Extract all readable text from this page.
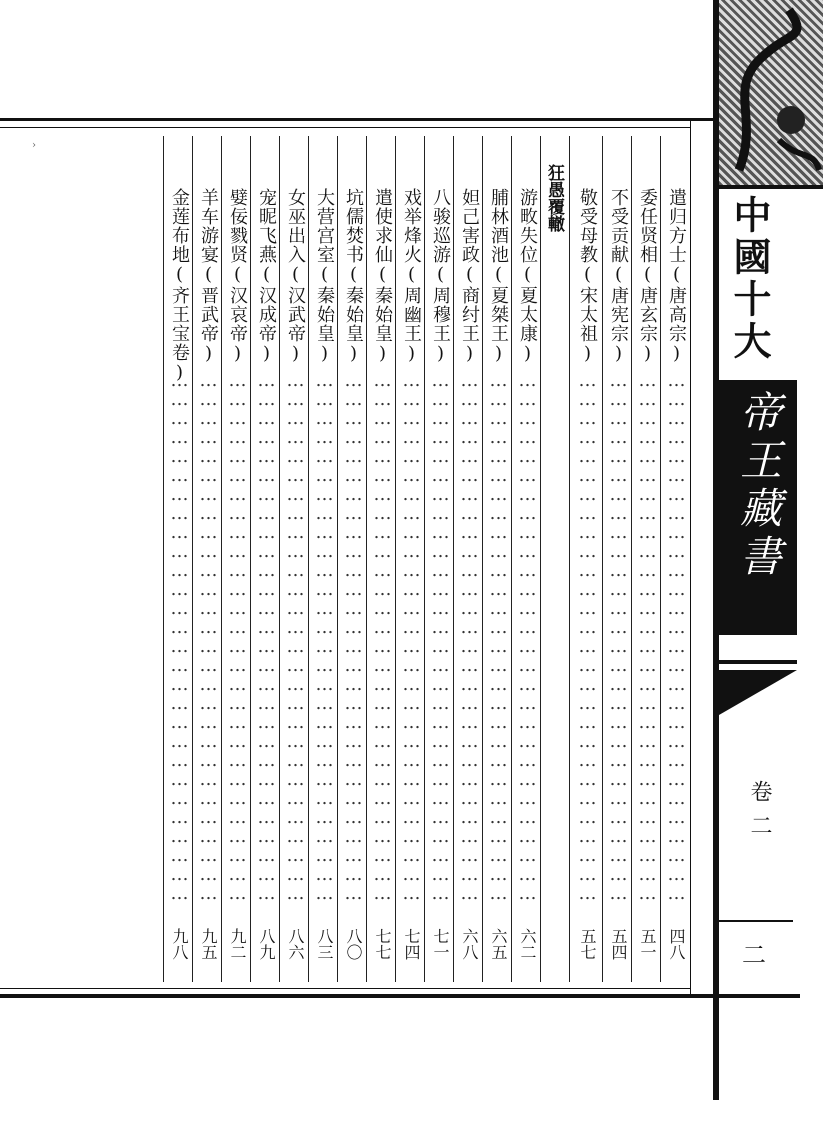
›
狂愚覆轍	遣归方士(唐高宗)
…………………………………………………………………………
四八
委任贤相(唐玄宗)
…………………………………………………………………………
五一
不受贡献(唐宪宗)
…………………………………………………………………………
五四
敬受母教(宋太祖)
…………………………………………………………………………
五七
游畋失位(夏太康)
…………………………………………………………………………
六二
脯林酒池(夏桀王)
…………………………………………………………………………
六五
妲己害政(商纣王)
…………………………………………………………………………
六八
八骏巡游(周穆王)
…………………………………………………………………………
七一
戏举烽火(周幽王)
…………………………………………………………………………
七四
遣使求仙(秦始皇)
…………………………………………………………………………
七七
坑儒焚书(秦始皇)
…………………………………………………………………………
八〇
大营宫室(秦始皇)
…………………………………………………………………………
八三
女巫出入(汉武帝)
…………………………………………………………………………
八六
宠昵飞燕(汉成帝)
…………………………………………………………………………
八九
嬖佞戮贤(汉哀帝)
…………………………………………………………………………
九二
羊车游宴(晋武帝)
…………………………………………………………………………
九五
金莲布地(齐王宝卷)
…………………………………………………………………………
九八
中國十大
帝王藏書
卷二
二
